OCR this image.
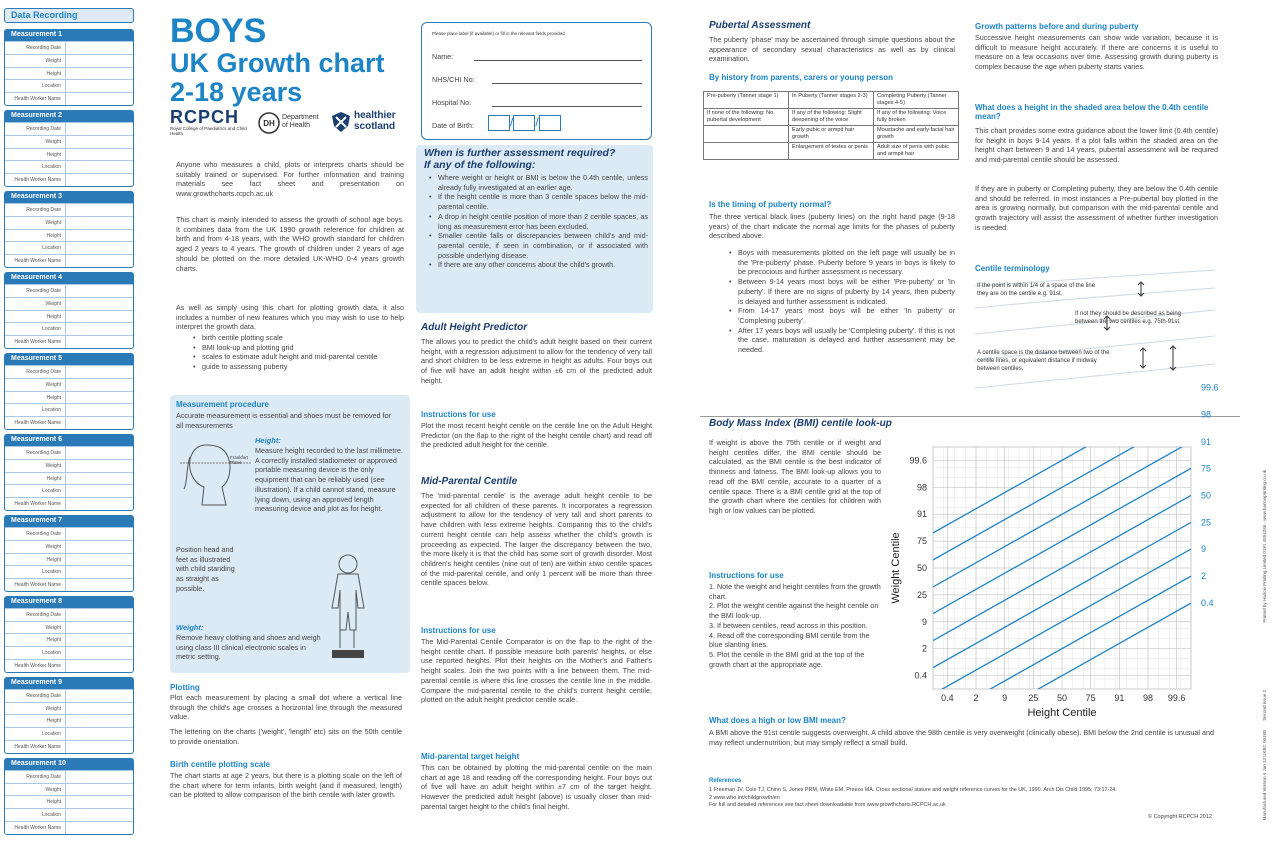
Data Recording
Measurement 1
Recording Date
Weight
Height
Location
Health Worker Name
Measurement 2
Recording Date
Weight
Height
Location
Health Worker Name
Measurement 3
Recording Date
Weight
Height
Location
Health Worker Name
Measurement 4
Recording Date
Weight
Height
Location
Health Worker Name
Measurement 5
Recording Date
Weight
Height
Location
Health Worker Name
Measurement 6
Recording Date
Weight
Height
Location
Health Worker Name
Measurement 7
Recording Date
Weight
Height
Location
Health Worker Name
Measurement 8
Recording Date
Weight
Height
Location
Health Worker Name
Measurement 9
Recording Date
Weight
Height
Location
Health Worker Name
Measurement 10
Recording Date
Weight
Height
Location
Health Worker Name
BOYS
UK Growth chart
2-18 years
RCPCH
Royal College of Paediatrics and Child Health
DH
Department of Health
healthier
scotland
Anyone who measures a child, plots or interprets charts should be suitably trained or supervised. For further information and training materials see fact sheet and presentation on www.growthcharts.rcpch.ac.uk
This chart is mainly intended to assess the growth of school age boys. It combines data from the UK 1990 growth reference for children at birth and from 4-18 years, with the WHO growth standard for children aged 2 years to 4 years. The growth of children under 2 years of age should be plotted on the more detailed UK-WHO 0-4 years growth charts.
As well as simply using this chart for plotting growth data, it also includes a number of new features which you may wish to use to help interpret the growth data.
• birth centile plotting scale
• BMI look-up and plotting grid
• scales to estimate adult height and mid-parental centile
• guide to assessing puberty
Measurement procedure
Accurate measurement is essential and shoes must be removed for all measurements
Frankfort Plane
Height:
Measure height recorded to the last millimetre. A correctly installed stadiometer or approved portable measuring device is the only equipment that can be reliably used (see illustration). If a child cannot stand, measure lying down, using an approved length measuring device and plot as for height.
Position head and feet as illustrated with child standing as straight as possible.
Weight:
Remove heavy clothing and shoes and weigh using class III clinical electronic scales in metric setting.
Plotting
Plot each measurement by placing a small dot where a vertical line through the child's age crosses a horizontal line through the measured value.
The lettering on the charts ('weight', 'length' etc) sits on the 50th centile to provide orientation.
Birth centile plotting scale
The chart starts at age 2 years, but there is a plotting scale on the left of the chart where for term infants, birth weight (and if measured, length) can be plotted to allow comparison of the birth centile with later growth.
Please place label (if available) or fill in the relevant fields provided
Name:
NHS/CHI No:
Hospital No:
Date of Birth:	/ /
When is further assessment required?
If any of the following:
• Where weight or height or BMI is below the 0.4th centile, unless already fully investigated at an earlier age.
• If the height centile is more than 3 centile spaces below the mid-parental centile.
• A drop in height centile position of more than 2 centile spaces, as long as measurement error has been excluded.
• Smaller centile falls or discrepancies between child's and mid-parental centile, if seen in combination, or if associated with possible underlying disease.
• If there are any other concerns about the child's growth.
Adult Height Predictor
The allows you to predict the child's adult height based on their current height, with a regression adjustment to allow for the tendency of very tall and short children to be less extreme in height as adults. Four boys out of five will have an adult height within ±6 cm of the predicted adult height.
Instructions for use
Plot the most recent height centile on the centile line on the Adult Height Predictor (on the flap to the right of the height centile chart) and read off the predicted adult height for the centile.
Mid-Parental Centile
The 'mid-parental centile' is the average adult height centile to be expected for all children of these parents. It incorporates a regression adjustment to allow for the tendency of very tall and short parents to have children with less extreme heights. Comparing this to the child's current height centile can help assess whether the child's growth is proceeding as expected. The larger the discrepancy between the two, the more likely it is that the child has some sort of growth disorder. Most children's height centiles (nine out of ten) are within ±two centile spaces of the mid-parental centile, and only 1 percent will be more than three centile spaces below.
Instructions for use
The Mid-Parental Centile Comparator is on the flap to the right of the height centile chart. If possible measure both parents' heights, or else use reported heights. Plot their heights on the Mother's and Father's height scales. Join the two points with a line between them. The mid-parental centile is where this line crosses the centile line in the middle. Compare the mid-parental centile to the child's current height centile, plotted on the adult height predictor centile scale.
Mid-parental target height
This can be obtained by plotting the mid-parental centile on the main chart at age 18 and reading off the corresponding height. Four boys out of five will have an adult height within ±7 cm of the target height. However the predicted adult height (above) is usually closer than mid-parental target height to the child's final height.
Pubertal Assessment
The puberty 'phase' may be ascertained through simple questions about the appearance of secondary sexual characteristics as well as by clinical examination.
By history from parents, carers or young person
Pre-puberty (Tanner stage 1)	In Puberty (Tanner stages 2-3)	Completing Puberty (Tanner stages 4-5)
If none of the following: No pubertal development	If any of the following: Slight deepening of the voice	If any of the following: Voice fully broken
	Early pubic or armpit hair growth	Moustache and early facial hair growth
	Enlargement of testes or penis	Adult size of penis with pubic and armpit hair
Is the timing of puberty normal?
The three vertical black lines (puberty lines) on the right hand page (9-18 years) of the chart indicate the normal age limits for the phases of puberty described above.
• Boys with measurements plotted on the left page will usually be in the 'Pre-puberty' phase. Puberty before 9 years in boys is likely to be precocious and further assessment is necessary.
• Between 9-14 years most boys will be either 'Pre-puberty' or 'In puberty'. If there are no signs of puberty by 14 years, then puberty is delayed and further assessment is indicated.
• From 14-17 years most boys will be either 'In puberty' or 'Completing puberty'.
• After 17 years boys will usually be 'Completing puberty'. If this is not the case, maturation is delayed and further assessment may be needed.
Growth patterns before and during puberty
Successive height measurements can show wide variation, because it is difficult to measure height accurately. If there are concerns it is useful to measure on a few occasions over time. Assessing growth during puberty is complex because the age when puberty starts varies.
What does a height in the shaded area below the 0.4th centile mean?
This chart provides some extra guidance about the lower limit (0.4th centile) for height in boys 9-14 years. If a plot falls within the shaded area on the height chart between 9 and 14 years, pubertal assessment will be required and mid-parental centile should be assessed.
If they are in puberty or Completing puberty, they are below the 0.4th centile and should be referred. In most instances a Pre-pubertal boy plotted in the area is growing normally, but comparison with the mid-parental centile and growth trajectory will assist the assessment of whether further investigation is needed.
Centile terminology
If the point is within 1/4 of a space of the line they are on the centile e.g. 91st.
If not they should be described as being between the two centiles e.g. 75th-91st.
A centile space is the distance between two of the centile lines, or equivalent distance if midway between centiles.
Body Mass Index (BMI) centile look-up
If weight is above the 75th centile or if weight and height centiles differ, the BMI centile should be calculated, as the BMI centile is the best indicator of thinness and fatness. The BMI look-up allows you to read off the BMI centile, accurate to a quarter of a centile space. There is a BMI centile grid at the top of the growth chart where the centiles for children with high or low values can be plotted.
Instructions for use
1. Note the weight and height centiles from the growth chart.
2. Plot the weight centile against the height centile on the BMI look-up.
3. If between centiles, read across in this position.
4. Read off the corresponding BMI centile from the blue slanting lines.
5. Plot the centile in the BMI grid at the top of the growth chart at the appropriate age.
0.4 2	9 25 50 75 91 98 99.6
99.6
98
91
75
50
25
9
2
0.4
99.6
98
91
75
50
25
9
2
0.4
Height Centile
Weight Centile
What does a high or low BMI mean?
A BMI above the 91st centile suggests overweight. A child above the 98th centile is very overweight (clinically obese). BMI below the 2nd centile is unusual and may reflect undernutrition, but may simply reflect a small build.
References
1 Freeman JV, Cole TJ, Chinn S, Jones PRM, White EM, Preece MA. Cross sectional stature and weight reference curves for the UK, 1990. Arch Dis Child 1995; 73:17-24.
2 www.who.int/childgrowth/en
For full and detailed references see fact sheet downloadable from www.growthcharts.RCPCH.ac.uk
© Copyright RCPCH 2012
Printed by Harlow Printing Limited 0191 4554286 - www.harlowprinting.co.uk
Second issue 2
Manufactured Version 4 Jan 13 UKBC 0618B
